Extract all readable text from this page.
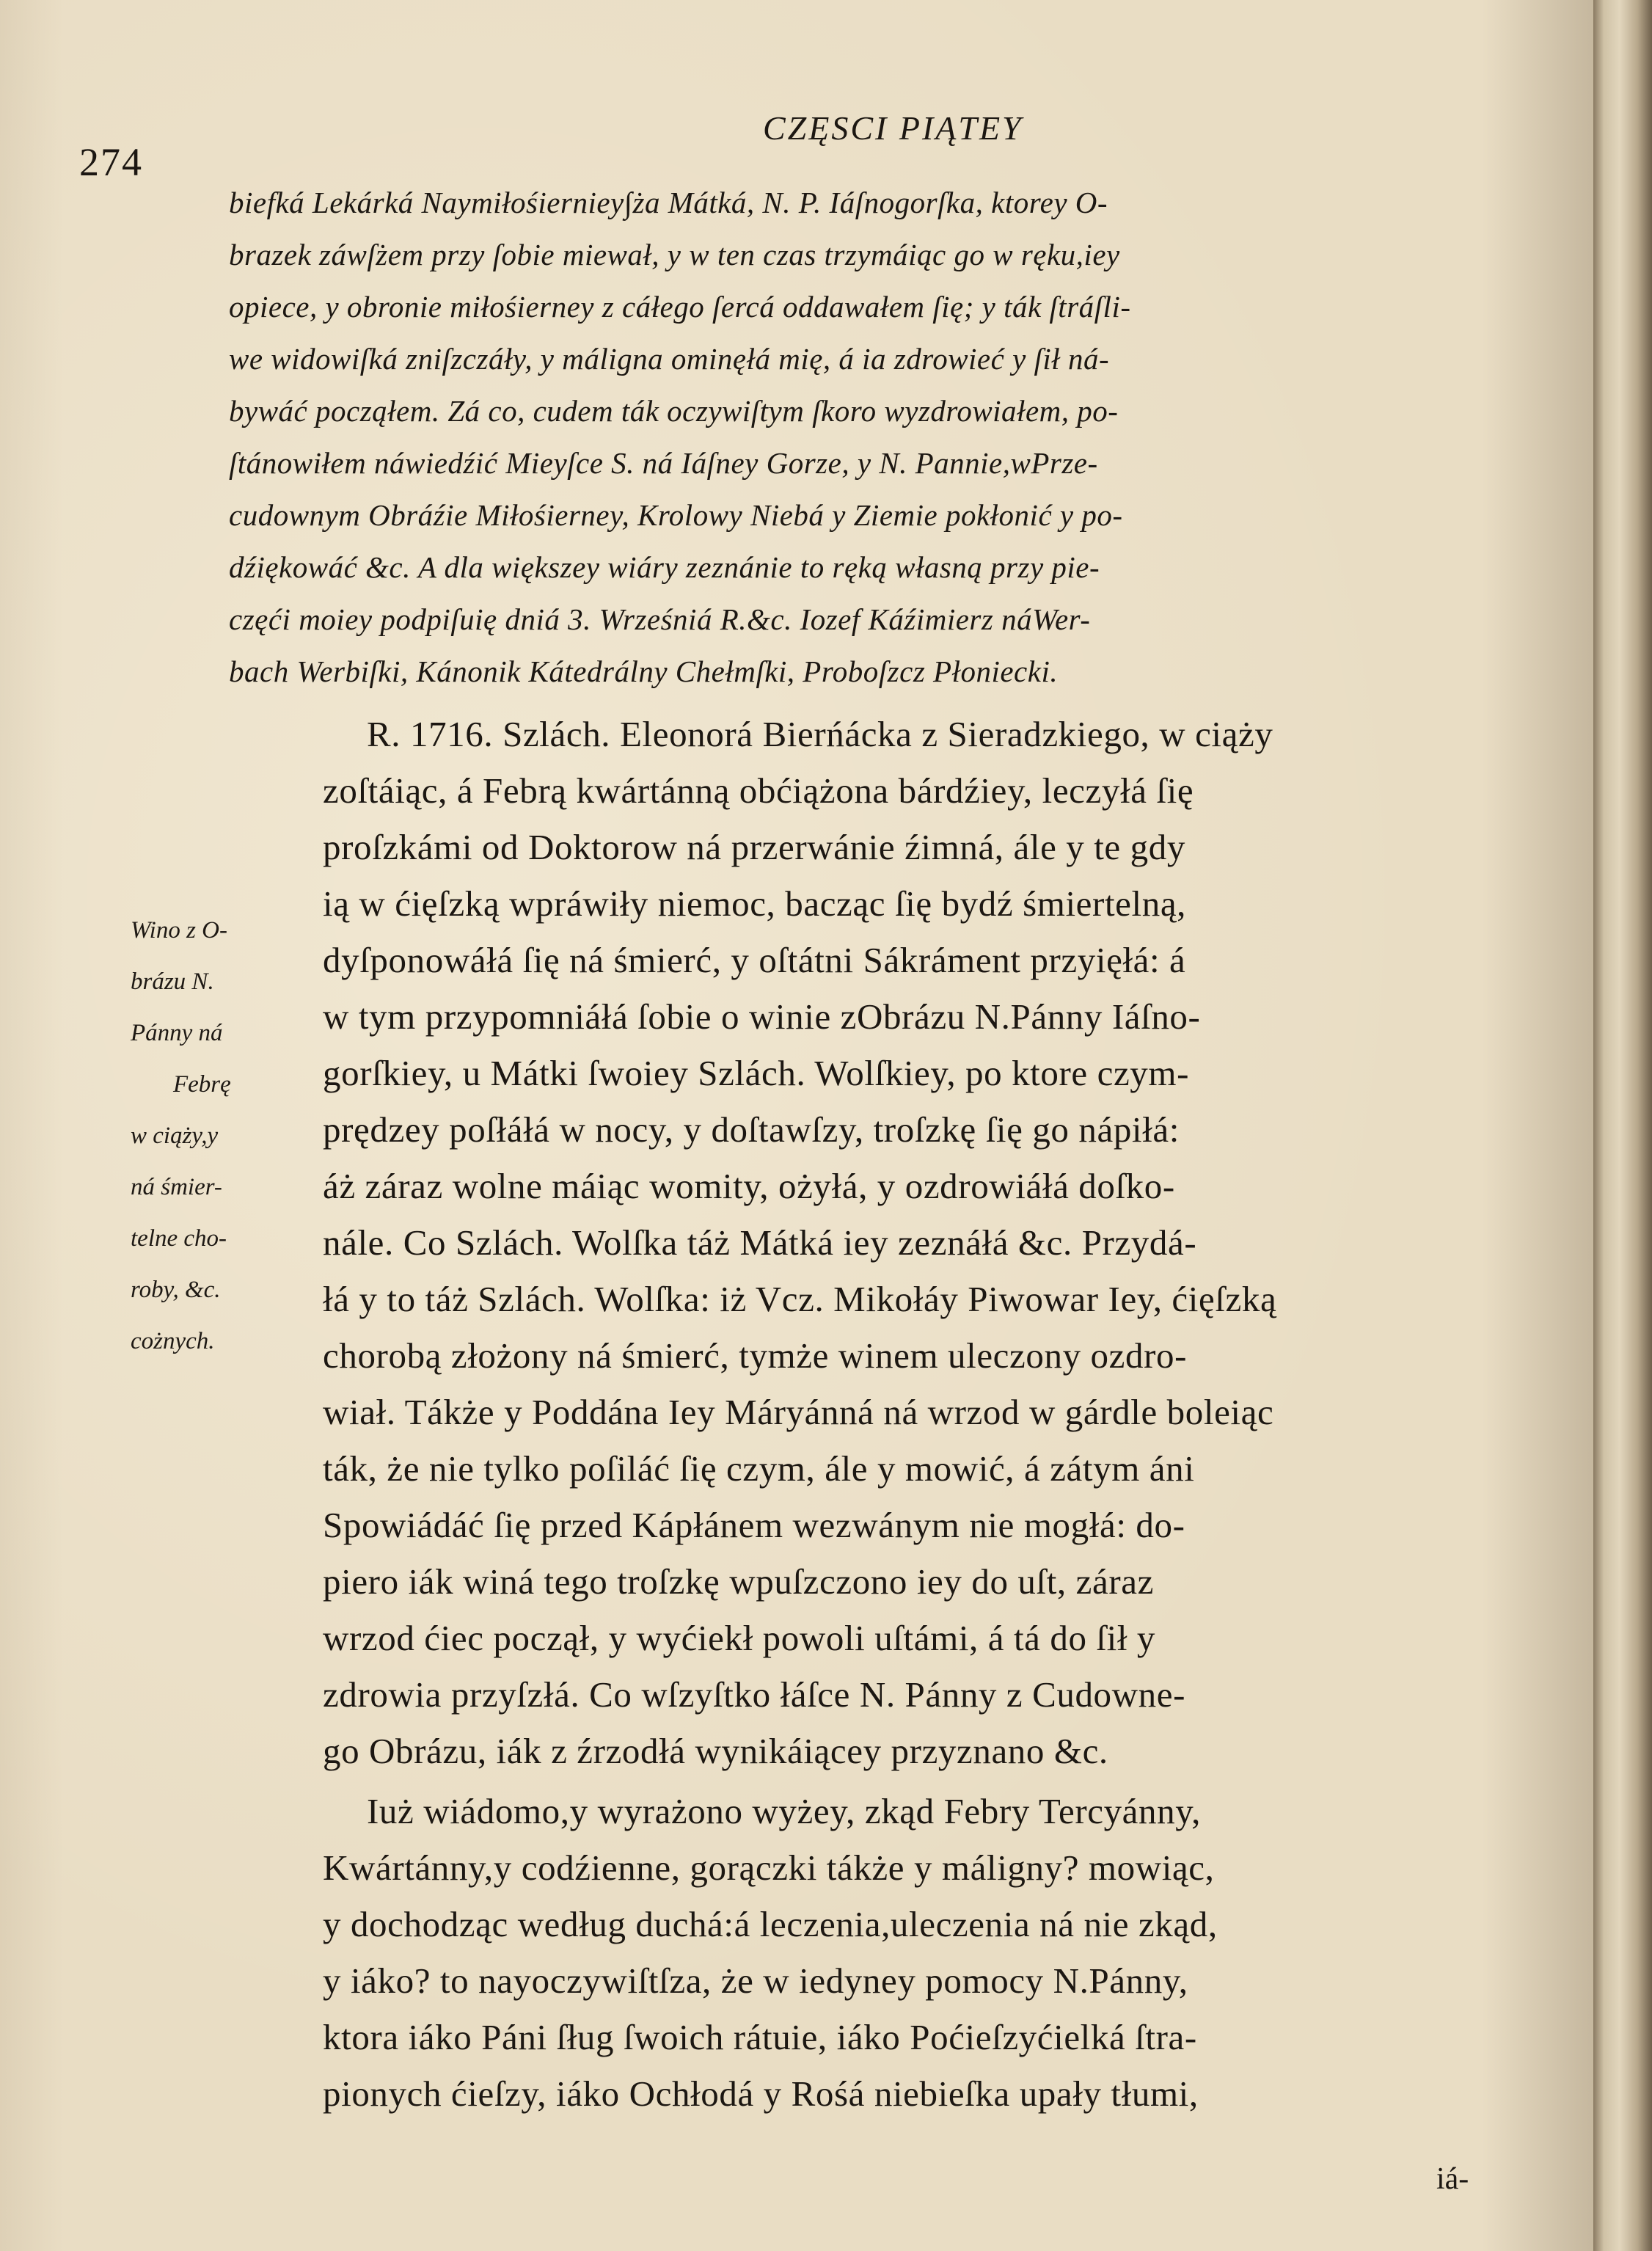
274
CZĘSCI PIĄTEY
biefká Lekárká Naymiłośierniey∫ża Mátká, N. P. Iáſnogorſka, ktorey O-
brazek záwſżem przy ſobie miewał, y w ten czas trzymáiąc go w ręku,iey
opiece, y obronie miłośierney z cáłego ſercá oddawałem ſię; y ták ſtráſli-
we widowiſká zniſzczáły, y máligna ominęłá mię, á ia zdrowieć y ſił ná-
bywáć począłem. Zá co, cudem ták oczywiſtym ſkoro wyzdrowiałem, po-
ſtánowiłem náwiedźić Mieyſce S. ná Iáſney Gorze, y N. Pannie,wPrze-
cudownym Obráźie Miłośierney, Krolowy Niebá y Ziemie pokłonić y po-
dźiękowáć &c. A dla większey wiáry zeznánie to ręką własną przy pie-
częći moiey podpiſuię dniá 3. Wrześniá R.&c. Iozef Káźimierz náWer-
bach Werbiſki, Kánonik Kátedrálny Chełmſki, Proboſzcz Płoniecki.
R. 1716. Szlách. Eleonorá Bierńácka z Sieradzkiego, w ciąży
zoſtáiąc, á Febrą kwártánną obćiążona bárdźiey, leczyłá ſię
proſzkámi od Doktorow ná przerwánie źimná, ále y te gdy
ią w ćięſzką wpráwiły niemoc, bacząc ſię bydź śmiertelną,
dyſponowáłá ſię ná śmierć, y oſtátni Sákráment przyięłá: á
w tym przypomniáłá ſobie o winie zObrázu N.Pánny Iáſno-
gorſkiey, u Mátki ſwoiey Szlách. Wolſkiey, po ktore czym-
prędzey poſłáłá w nocy, y doſtawſzy, troſzkę ſię go nápiłá:
áż záraz wolne máiąc womity, ożyłá, y ozdrowiáłá doſko-
nále. Co Szlách. Wolſka táż Mátká iey zeznáłá &c. Przydá-
łá y to táż Szlách. Wolſka: iż Vcz. Mikołáy Piwowar Iey, ćięſzką
chorobą złożony ná śmierć, tymże winem uleczony ozdro-
wiał. Tákże y Poddána Iey Máryánná ná wrzod w gárdle boleiąc
ták, że nie tylko poſiláć ſię czym, ále y mowić, á zátym áni
Spowiádáć ſię przed Kápłánem wezwánym nie mogłá: do-
piero iák winá tego troſzkę wpuſzczono iey do uſt, záraz
wrzod ćiec począł, y wyćiekł powoli uſtámi, á tá do ſił y
zdrowia przyſzłá. Co wſzyſtko łáſce N. Pánny z Cudowne-
go Obrázu, iák z źrzodłá wynikáiącey przyznano &c.
Iuż wiádomo,y wyrażono wyżey, zkąd Febry Tercyánny,
Kwártánny,y codźienne, gorączki tákże y máligny? mowiąc,
y dochodząc według duchá:á leczenia,uleczenia ná nie zkąd,
y iáko? to nayoczywiſtſza, że w iedyney pomocy N.Pánny,
ktora iáko Páni ſług ſwoich rátuie, iáko Poćieſzyćielká ſtra-
pionych ćieſzy, iáko Ochłodá y Rośá niebieſka upały tłumi,
Wino z O-
brázu N.
Pánny ná
Febrę
w ciąży,y
ná śmier-
telne cho-
roby, &c.
cożnych.
iá-
